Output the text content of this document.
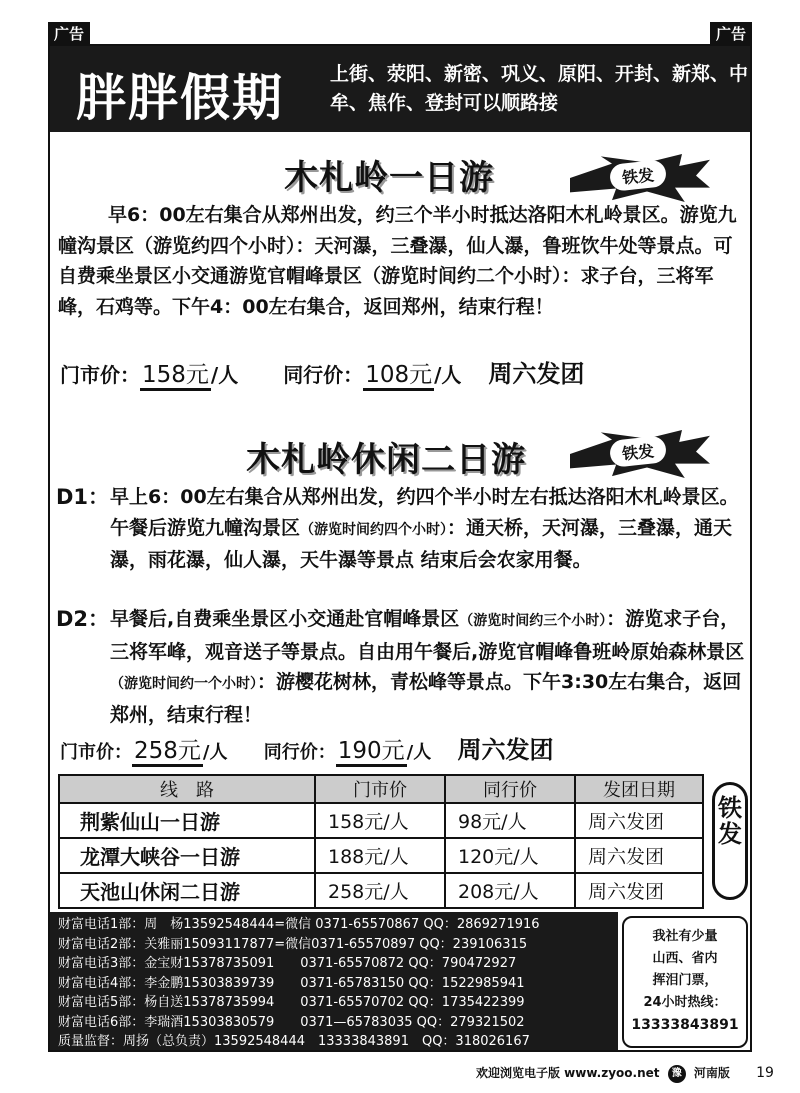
广告	广告
胖胖假期 上街、荥阳、新密、巩义、原阳、开封、新郑、中牟、焦作、登封可以顺路接
木札岭一日游	铁发
早6：00左右集合从郑州出发，约三个半小时抵达洛阳木札岭景区。游览九幢沟景区（游览约四个小时）：天河瀑，三叠瀑，仙人瀑，鲁班饮牛处等景点。可自费乘坐景区小交通游览官帽峰景区（游览时间约二个小时）：求子台，三将军峰，石鸡等。下午4：00左右集合，返回郑州，结束行程！
门市价：158元 /人 同行价：108元 /人 周六发团
木札岭休闲二日游	铁发
D1： 早上6：00左右集合从郑州出发，约四个半小时左右抵达洛阳木札岭景区。午餐后游览九幢沟景区（游览时间约四个小时）：通天桥，天河瀑，三叠瀑，通天瀑，雨花瀑，仙人瀑，天牛瀑等景点 结束后会农家用餐。
D2： 早餐后,自费乘坐景区小交通赴官帽峰景区（游览时间约三个小时）：游览求子台，三将军峰，观音送子等景点。自由用午餐后,游览官帽峰鲁班岭原始森林景区（游览时间约一个小时）：游樱花树林，青松峰等景点。下午3:30左右集合，返回郑州，结束行程！
门市价：258元 /人 同行价：190元 /人 周六发团
线　路	门市价	同行价	发团日期
荆紫仙山一日游	158元/人	98元/人	周六发团
龙潭大峡谷一日游	188元/人	120元/人	周六发团
天池山休闲二日游	258元/人	208元/人	周六发团
铁发
财富电话1部：周　杨13592548444=微信 0371-65570867 QQ：2869271916
财富电话2部：关雅丽15093117877=微信0371-65570897 QQ：239106315
财富电话3部：金宝财15378735091　　0371-65570872 QQ：790472927
财富电话4部：李金鹏15303839739　　0371-65783150 QQ：1522985941
财富电话5部：杨自送15378735994　　0371-65570702 QQ：1735422399
财富电话6部：李瑞酒15303830579　　0371—65783035 QQ：279321502
质量监督：周扬（总负责）13592548444　13333843891　QQ：318026167
我社有少量
山西、省内
挥泪门票，
24小时热线：
13333843891
欢迎浏览电子版 www.zyoo.net 豫 河南版 19
